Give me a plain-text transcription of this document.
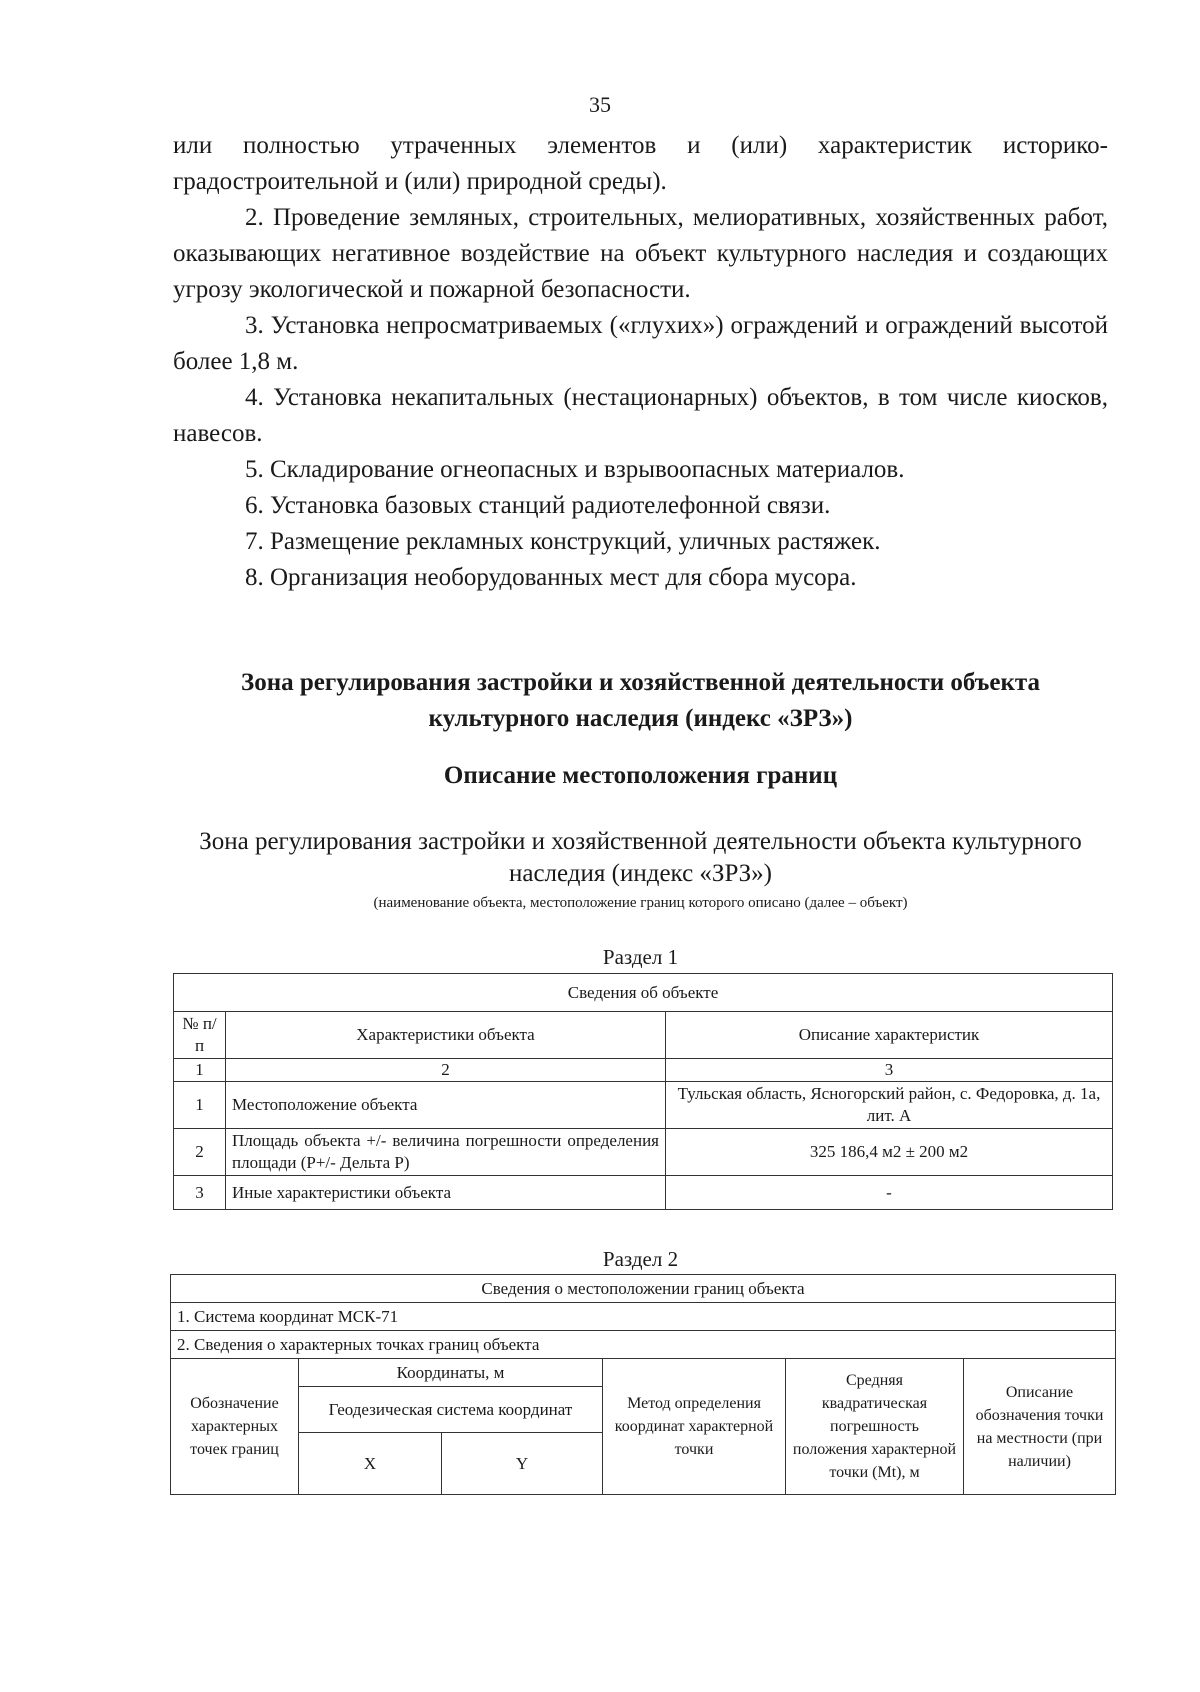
35

или полностью утраченных элементов и (или) характеристик историко-градостроительной и (или) природной среды).

2. Проведение земляных, строительных, мелиоративных, хозяйственных работ, оказывающих негативное воздействие на объект культурного наследия и создающих угрозу экологической и пожарной безопасности.

3. Установка непросматриваемых («глухих») ограждений и ограждений высотой более 1,8 м.

4. Установка некапитальных (нестационарных) объектов, в том числе киосков, навесов.

5. Складирование огнеопасных и взрывоопасных материалов.

6. Установка базовых станций радиотелефонной связи.

7. Размещение рекламных конструкций, уличных растяжек.

8. Организация необорудованных мест для сбора мусора.

Зона регулирования застройки и хозяйственной деятельности объекта культурного наследия (индекс «ЗРЗ»)
Описание местоположения границ
Зона регулирования застройки и хозяйственной деятельности объекта культурного наследия (индекс «ЗРЗ»)
(наименование объекта, местоположение границ которого описано (далее – объект)
Раздел 1
Сведения об объекте		
№ п/п	Характеристики объекта	Описание характеристик
1	2	3
1	Местоположение объекта	Тульская область, Ясногорский район, с. Федоровка, д. 1а, лит. А
2	Площадь объекта +/- величина погрешности определения площади (P+/- Дельта P)	325 186,4 м2 ± 200 м2
3	Иные характеристики объекта	-
Раздел 2
Сведения о местоположении границ объекта					
1. Система координат МСК-71					
2. Сведения о характерных точках границ объекта					
Обозначение характерных точек границ	Координаты, м		Метод определения координат характерной точки	Средняя квадратическая погрешность положения характерной точки (Mt), м	Описание обозначения точки на местности (при наличии)
	Геодезическая система координат				
	X	Y			
